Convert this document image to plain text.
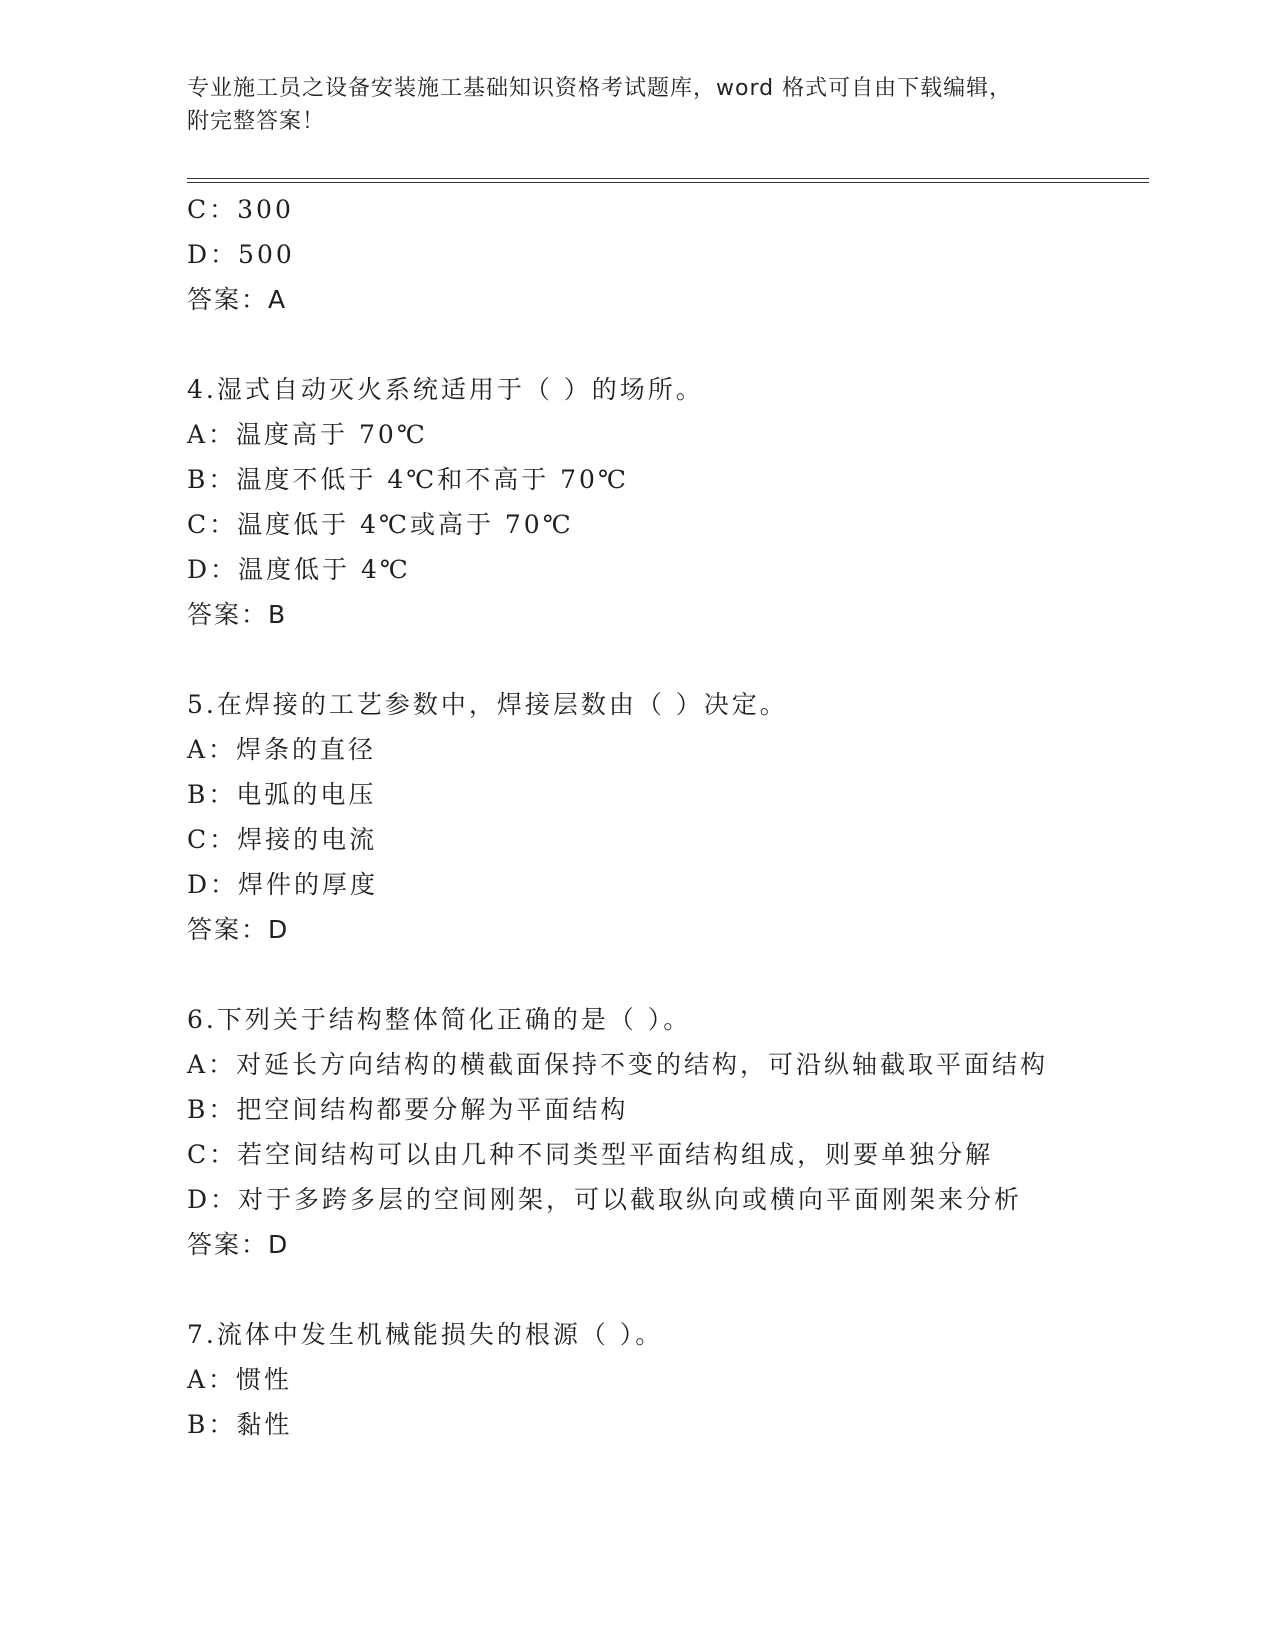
专业施工员之设备安装施工基础知识资格考试题库，word 格式可自由下载编辑，
附完整答案！
C：300
D：500
答案：A
4.湿式自动灭火系统适用于（ ）的场所。
A：温度高于 70℃
B：温度不低于 4℃和不高于 70℃
C：温度低于 4℃或高于 70℃
D：温度低于 4℃
答案：B
5.在焊接的工艺参数中，焊接层数由（ ）决定。
A：焊条的直径
B：电弧的电压
C：焊接的电流
D：焊件的厚度
答案：D
6.下列关于结构整体简化正确的是（ ）。
A：对延长方向结构的横截面保持不变的结构，可沿纵轴截取平面结构
B：把空间结构都要分解为平面结构
C：若空间结构可以由几种不同类型平面结构组成，则要单独分解
D：对于多跨多层的空间刚架，可以截取纵向或横向平面刚架来分析
答案：D
7.流体中发生机械能损失的根源（ ）。
A：惯性
B：黏性
